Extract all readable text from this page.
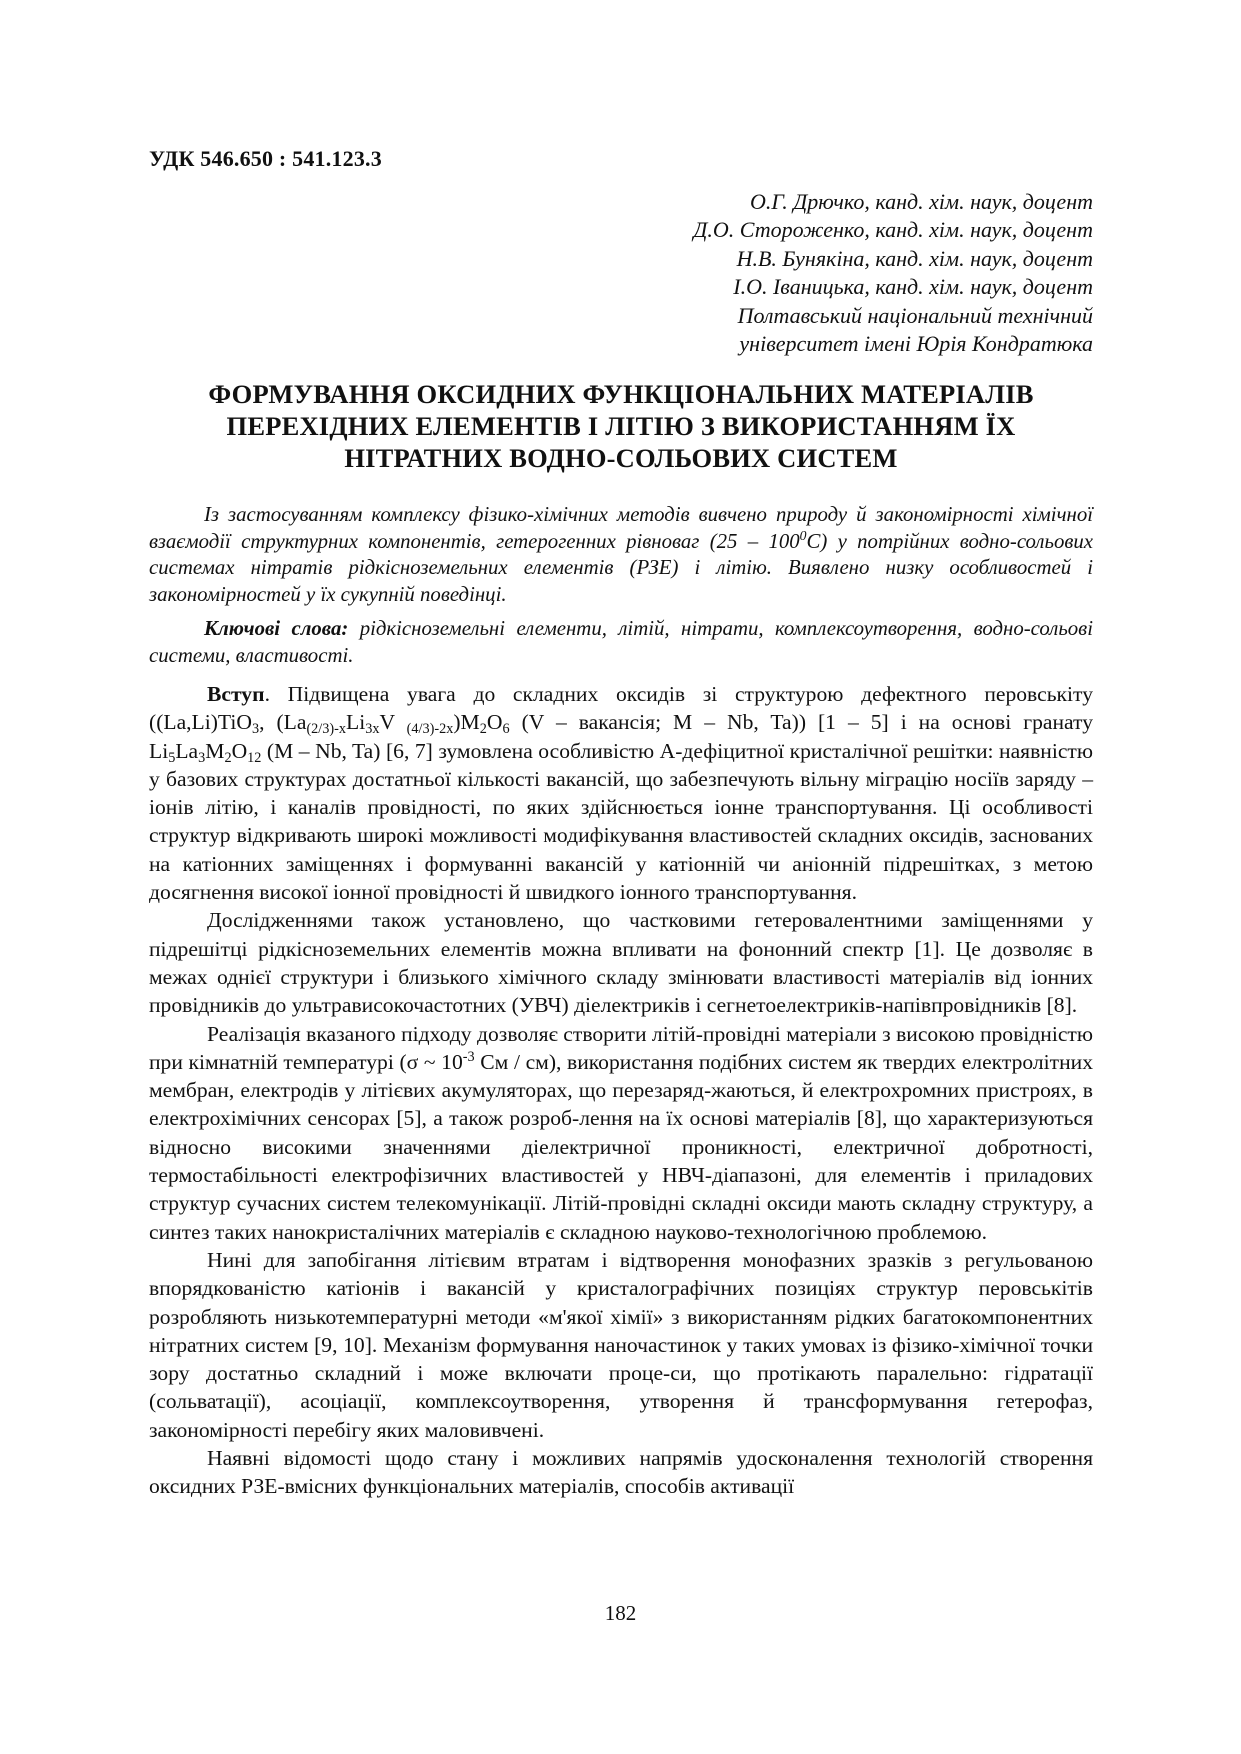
УДК 546.650 : 541.123.3
О.Г. Дрючко, канд. хім. наук, доцент
Д.О. Стороженко, канд. хім. наук, доцент
Н.В. Бунякіна, канд. хім. наук, доцент
І.О. Іваницька, канд. хім. наук, доцент
Полтавський національний технічний
університет імені Юрія Кондратюка
ФОРМУВАННЯ ОКСИДНИХ ФУНКЦІОНАЛЬНИХ МАТЕРІАЛІВ
ПЕРЕХІДНИХ ЕЛЕМЕНТІВ І ЛІТІЮ З ВИКОРИСТАННЯМ ЇХ
НІТРАТНИХ ВОДНО-СОЛЬОВИХ СИСТЕМ

Із застосуванням комплексу фізико-хімічних методів вивчено природу й закономірності хімічної взаємодії структурних компонентів, гетерогенних рівноваг $(25 - 100^0С)$ у потрійних водно-сольових системах нітратів рідкісноземельних елементів (РЗЕ) і літію. Виявлено низку особливостей і закономірностей у їх сукупній поведінці.

Ключові слова: рідкісноземельні елементи, літій, нітрати, комплексоутворення, водно-сольові системи, властивості.

Вступ. Підвищена увага до складних оксидів зі структурою дефектного перовськіту ((La,Li)TiO$_3$, ($La_{(2/3)-x}Li_{3x}V$ $_{(4/3)-2x})M_2O_6$ (V – вакансія; M – Nb, Ta)) [1 – 5] і на основі гранату $Li_5La_3M_2O_{12}$ (M – Nb, Ta) [6, 7] зумовлена особливістю А-дефіцитної кристалічної решітки: наявністю у базових структурах достатньої кількості вакансій, що забезпечують вільну міграцію носіїв заряду – іонів літію, і каналів провідності, по яких здійснюється іонне транспортування. Ці особливості структур відкривають широкі можливості модифікування властивостей складних оксидів, заснованих на катіонних заміщеннях і формуванні вакансій у катіонній чи аніонній підрешітках, з метою досягнення високої іонної провідності й швидкого іонного транспортування.

Дослідженнями також установлено, що частковими гетеровалентними заміщеннями у підрешітці рідкісноземельних елементів можна впливати на фононний спектр [1]. Це дозволяє в межах однієї структури і близького хімічного складу змінювати властивості матеріалів від іонних провідників до ультрависокочастотних (УВЧ) діелектриків і сегнетоелектриків-напівпровідників [8].

Реалізація вказаного підходу дозволяє створити літій-провідні матеріали з високою провідністю при кімнатній температурі (σ ~ $10^{-3}$ См / см), використання подібних систем як твердих електролітних мембран, електродів у літієвих акумуляторах, що перезаряд-жаються, й електрохромних пристроях, в електрохімічних сенсорах [5], а також розроб-лення на їх основі матеріалів [8], що характеризуються відносно високими значеннями діелектричної проникності, електричної добротності, термостабільності електрофізичних властивостей у НВЧ-діапазоні, для елементів і приладових структур сучасних систем телекомунікації. Літій-провідні складні оксиди мають складну структуру, а синтез таких нанокристалічних матеріалів є складною науково-технологічною проблемою.

Нині для запобігання літієвим втратам і відтворення монофазних зразків з регульованою впорядкованістю катіонів і вакансій у кристалографічних позиціях структур перовськітів розробляють низькотемпературні методи «м'якої хімії» з використанням рідких багатокомпонентних нітратних систем [9, 10]. Механізм формування наночастинок у таких умовах із фізико-хімічної точки зору достатньо складний і може включати проце-си, що протікають паралельно: гідратації (сольватації), асоціації, комплексоутворення, утворення й трансформування гетерофаз, закономірності перебігу яких маловивчені.

Наявні відомості щодо стану і можливих напрямів удосконалення технологій створення оксидних РЗЕ-вмісних функціональних матеріалів, способів активації

182
